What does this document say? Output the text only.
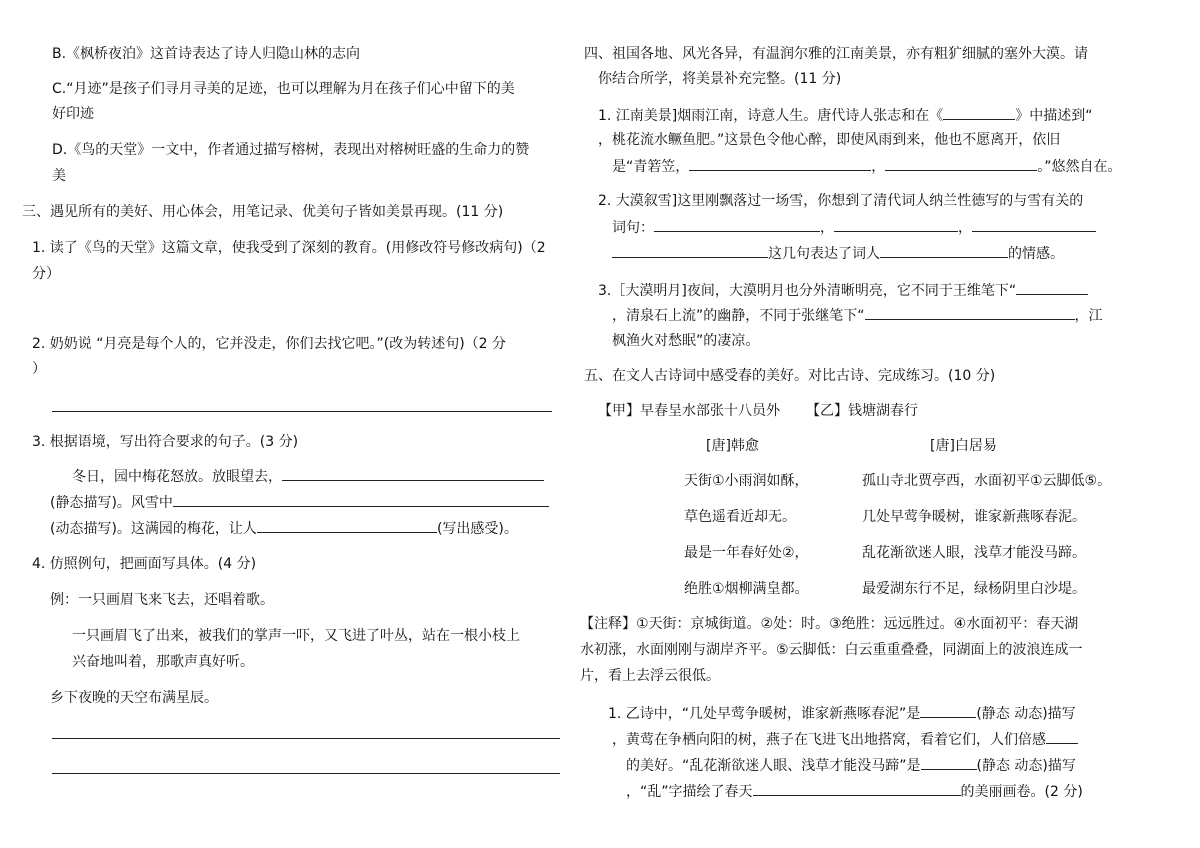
B.《枫桥夜泊》这首诗表达了诗人归隐山林的志向
C.“月迹”是孩子们寻月寻美的足迹，也可以理解为月在孩子们心中留下的美
好印迹
D.《鸟的天堂》一文中，作者通过描写榕树，表现出对榕树旺盛的生命力的赞
美
三、遇见所有的美好、用心体会，用笔记录、优美句子皆如美景再现。(11 分)
1. 读了《鸟的天堂》这篇文章，使我受到了深刻的教育。(用修改符号修改病句)（2
分）
2. 奶奶说 “月亮是每个人的，它并没走，你们去找它吧。”(改为转述句)（2 分
）
3. 根据语境，写出符合要求的句子。(3 分)
冬日，园中梅花怒放。放眼望去，
(静态描写)。风雪中
(动态描写)。这满园的梅花，让人	(写出感受)。
4. 仿照例句，把画面写具体。(4 分)
例：一只画眉飞来飞去，还唱着歌。
一只画眉飞了出来，被我们的掌声一吓，又飞进了叶丛，站在一根小枝上
兴奋地叫着，那歌声真好听。
乡下夜晚的天空布满星辰。
四、祖国各地、风光各异，有温润尔雅的江南美景，亦有粗犷细腻的塞外大漠。请
你结合所学，将美景补充完整。(11 分)
1. 江南美景]烟雨江南，诗意人生。唐代诗人张志和在《	》中描述到“
，桃花流水鳜鱼肥。”这景色令他心醉，即使风雨到来，他也不愿离开，依旧
是“青箬笠，	，	。”悠然自在。
2. 大漠叙雪]这里刚飘落过一场雪，你想到了清代词人纳兰性德写的与雪有关的
词句：	，	，
这几句表达了词人	的情感。
3.［大漠明月]夜间，大漠明月也分外清晰明亮，它不同于王维笔下“
，清泉石上流”的幽静，不同于张继笔下“	，江
枫渔火对愁眠”的凄凉。
五、在文人古诗词中感受春的美好。对比古诗、完成练习。(10 分)
【甲】早春呈水部张十八员外 【乙】钱塘湖春行
[唐]韩愈	[唐]白居易
天街①小雨润如酥，	孤山寺北贾亭西，水面初平①云脚低⑤。
草色遥看近却无。	几处早莺争暖树，谁家新燕啄春泥。
最是一年春好处②，	乱花渐欲迷人眼，浅草才能没马蹄。
绝胜①烟柳满皇都。	最爱湖东行不足，绿杨阴里白沙堤。
【注释】①天街：京城街道。②处：时。③绝胜：远远胜过。④水面初平：春天湖
水初涨，水面刚刚与湖岸齐平。⑤云脚低：白云重重叠叠，同湖面上的波浪连成一
片，看上去浮云很低。
1. 乙诗中，“几处早莺争暖树，谁家新燕啄春泥”是	(静态 动态)描写
，黄莺在争栖向阳的树，燕子在飞进飞出地搭窝，看着它们，人们倍感
的美好。“乱花渐欲迷人眼、浅草才能没马蹄”是	(静态 动态)描写
，“乱”字描绘了春天	的美丽画卷。(2 分)
